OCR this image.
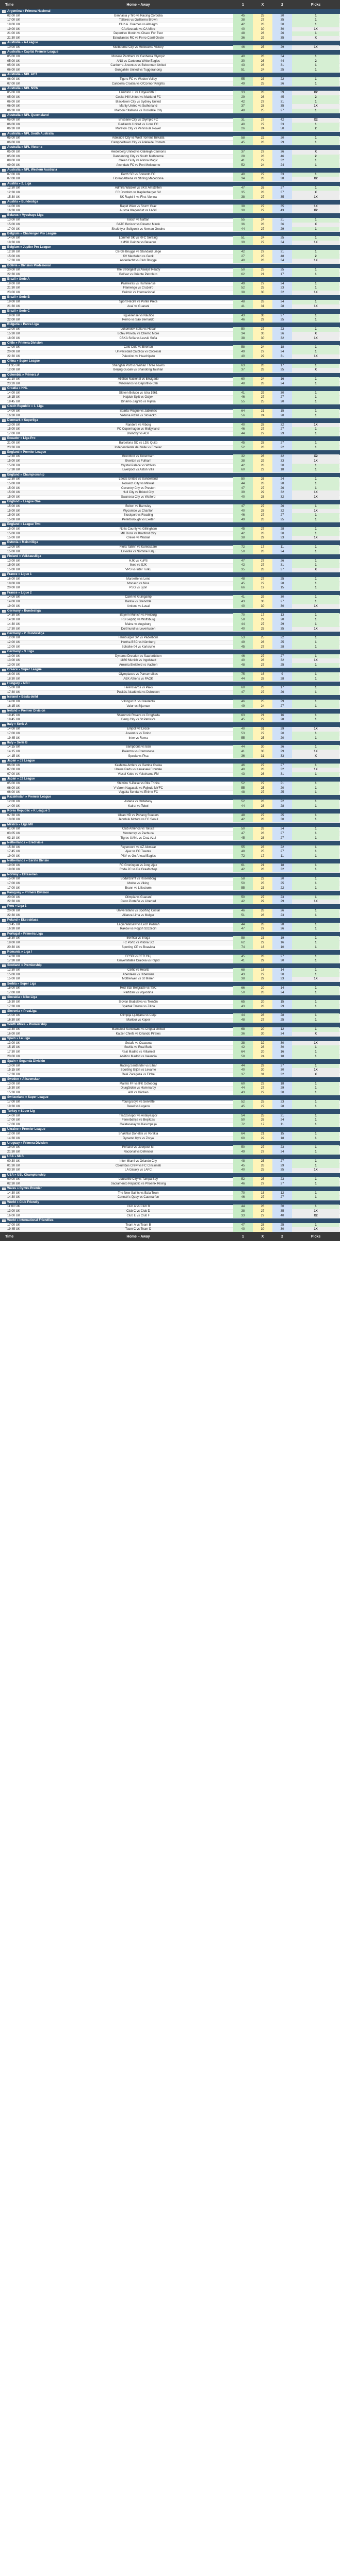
Time	Home – Away	1	X	2	Picks
Argentina » Primera Nacional
02:00 UK	Gimnasia y Tiro vs Racing Córdoba	45	25	30	1
17:00 UK	Talleres vs Guillermo Brown	38	27	35	1
19:00 UK	Club A. Guemes vs Almagro	42	28	30	1
19:00 UK	CA Alvarado vs CA Mitre	40	30	30	1X
21:00 UK	Deportivo Morón vs Chaco For Ever	48	26	26	1
21:30 UK	Estudiantes RC vs Ferro Carril Oeste	36	29	35	X
Australia » A-League
10:00 UK	Melbourne City vs Melbourne Victory	46	25	29	1X
Australia » Capital Premier League
05:00 UK	Monaro Panthers vs Canberra Olympic	40	26	34	1
05:00 UK	ANU vs Canberra White Eagles	30	26	44	2
05:00 UK	Canberra Juventus vs Belconnen United	43	26	31	1
06:00 UK	Gungahlin United vs Tuggeranong	51	24	25	1
Australia » NPL ACT
06:00 UK	Tigers FC vs Woden Valley	55	23	22	1
07:00 UK	Canberra Croatia vs O'Connor Knights	49	25	26	1
Australia » NPL NSW
05:00 UK	Lambton J. vs Edgeworth E.	33	28	39	X2
05:00 UK	Cooks Hill United vs Maitland FC	29	26	45	2
06:00 UK	Blacktown City vs Sydney United	42	27	31	1
06:00 UK	Manly United vs Sutherland	37	28	35	1X
06:30 UK	Marconi Stallions vs Rockdale City	48	25	27	1
Australia » NPL Queensland
05:00 UK	Brisbane City vs Olympic FC	31	27	42	X2
06:00 UK	Redlands United vs Lions FC	40	27	33	1
06:30 UK	Moreton City vs Peninsula Power	26	24	50	2
Australia » NPL South Australia
05:00 UK	Adelaide City vs West Torrens Birkalla	58	22	20	1
06:00 UK	Campbelltown City vs Adelaide Comets	45	26	29	1
Australia » NPL Victoria
05:00 UK	Heidelberg United vs Oakleigh Cannons	37	27	36	X
05:00 UK	Dandenong City vs South Melbourne	28	26	46	2
09:00 UK	Green Gully vs Altona Magic	41	27	32	1
09:00 UK	Avondale FC vs Port Melbourne	52	24	24	1
Australia » NPL Western Australia
07:00 UK	Perth SC vs Sorrento FC	40	27	33	1
07:00 UK	Floreat Athena vs Stirling Macedonia	34	28	38	X2
Austria » 2. Liga
12:30 UK	Admira Wacker vs SKU Amstetten	47	26	27	1
12:30 UK	FC Dornbirn vs Kapfenberger SV	35	28	37	X
15:30 UK	SK Rapid II vs First Vienna	38	27	35	1X
Austria » Bundesliga
14:00 UK	Rapid Wien vs Sturm Graz	38	27	35	1X
16:30 UK	Austria Klagenfurt vs LASK	30	27	43	X2
Belarus » Vysshaya Liga
13:00 UK	Isloch vs Naftan	55	24	21	1
15:00 UK	BATE Borisov vs Dinamo Minsk	36	28	36	X
17:00 UK	Shakhtyor Soligorsk vs Neman Grodno	44	27	29	1
Belgium » Challenger Pro League
14:00 UK	Lommel SK vs RFC Seraing	51	24	25	1
18:30 UK	KMSK Deinze vs Beveren	39	27	34	1X
Belgium » Jupiler Pro League
12:30 UK	Cercle Brugge vs Standard Liège	42	27	31	1
15:00 UK	KV Mechelen vs Genk	27	25	48	2
17:30 UK	Anderlecht vs Club Brugge	40	26	34	1X
Bolivia » Division Profesional
20:00 UK	The Strongest vs Always Ready	50	25	25	1
22:30 UK	Bolívar vs Oriente Petrolero	62	21	17	1
Brazil » Serie A
19:00 UK	Palmeiras vs Fluminense	49	27	24	1
21:30 UK	Flamengo vs Cruzeiro	52	25	23	1
23:00 UK	Grêmio vs Internacional	38	30	32	1X
Brazil » Serie B
19:00 UK	Sport Recife vs Ponte Preta	48	28	24	1
21:30 UK	Avaí vs Guarani	41	31	28	1X
Brazil » Serie C
19:00 UK	Figueirense vs Náutico	43	30	27	1
22:00 UK	Remo vs São Bernardo	46	29	25	1
Bulgaria » Parva Liga
13:00 UK	Lokomotiv Sofia vs Hebar	50	27	23	1
15:30 UK	Botev Plovdiv vs Cherno More	34	30	36	X
18:00 UK	CSKA Sofia vs Levski Sofia	38	30	32	1X
Chile » Primera Division
17:00 UK	Colo Colo vs Everton	58	24	18	1
20:00 UK	Universidad Católica vs Cobresal	49	27	24	1
22:30 UK	Palestino vs Huachipato	40	29	31	1X
China » Super League
11:35 UK	Shanghai Port vs Wuhan Three Towns	63	20	17	1
12:00 UK	Beijing Guoan vs Shandong Taishan	37	28	35	X
Colombia » Primera A
21:10 UK	Atlético Nacional vs Envigado	60	24	16	1
23:20 UK	Millonarios vs Deportivo Cali	48	28	24	1
Croatia » HNL
14:00 UK	Slaven Belupo vs Istra 1961	41	29	30	1
16:15 UK	Hajduk Split vs Osijek	46	27	27	1
18:45 UK	Dinamo Zagreb vs Rijeka	55	25	20	1
Czech Republic » 1. Liga
14:00 UK	Sparta Prague vs Jablonec	64	21	15	1
16:30 UK	Viktoria Plzeň vs Slovácko	56	24	20	1
Denmark » Superliga
13:00 UK	Randers vs Viborg	40	28	32	1X
15:00 UK	FC Copenhagen vs Midtjylland	46	27	27	1
17:00 UK	Brøndby vs AGF	44	27	29	1
Ecuador » Liga Pro
21:00 UK	Barcelona SC vs LDU Quito	45	28	27	1
23:30 UK	Independiente del Valle vs Emelec	52	26	22	1
England » Premier League
12:30 UK	Brentford vs Tottenham	32	26	42	X2
15:00 UK	Everton vs Fulham	38	29	33	1X
15:00 UK	Crystal Palace vs Wolves	42	28	30	1
17:30 UK	Liverpool vs Aston Villa	60	22	18	1
England » Championship
12:30 UK	Leeds United vs Sunderland	50	26	24	1
15:00 UK	Norwich City vs Millwall	44	28	28	1
15:00 UK	Coventry City vs Preston	47	27	26	1
15:00 UK	Hull City vs Bristol City	39	29	32	1X
15:00 UK	Swansea City vs Watford	40	28	32	1X
England » League One
15:00 UK	Bolton vs Barnsley	47	27	26	1
15:00 UK	Wycombe vs Charlton	40	28	32	1X
15:00 UK	Stockport vs Reading	46	27	27	1
15:00 UK	Peterborough vs Exeter	49	26	25	1
England » League Two
15:00 UK	Notts County vs Gillingham	45	27	28	1
15:00 UK	MK Dons vs Bradford City	42	28	30	1
15:00 UK	Crewe vs Walsall	38	29	33	1X
Estonia » Meistriliiga
13:00 UK	Flora Tallinn vs Kuressaare	72	17	11	1
15:00 UK	Levadia vs Nõmme Kalju	50	26	24	1
Finland » Veikkausliiga
13:00 UK	HJK vs KuPS	47	27	26	1
15:00 UK	Ilves vs SJK	42	27	31	1
15:00 UK	VPS vs Inter Turku	35	28	37	X
France » Ligue 1
16:00 UK	Marseille vs Lens	48	27	25	1
18:00 UK	Monaco vs Nice	45	27	28	1
20:00 UK	PSG vs Lyon	66	19	15	1
France » Ligue 2
14:00 UK	Caen vs Guingamp	41	29	30	1
14:00 UK	Bastia vs Grenoble	43	30	27	1
19:00 UK	Amiens vs Laval	40	30	30	1X
Germany » Bundesliga
14:30 UK	Bayern Munich vs Freiburg	70	17	13	1
14:30 UK	RB Leipzig vs Wolfsburg	58	22	20	1
14:30 UK	Mainz vs Augsburg	44	27	29	1
17:30 UK	Dortmund vs Leverkusen	40	25	35	1X
Germany » 2. Bundesliga
12:00 UK	Hamburger SV vs Paderborn	53	25	22	1
12:00 UK	Hertha BSC vs Nürnberg	49	26	25	1
12:00 UK	Schalke 04 vs Karlsruhe	45	27	28	1
Germany » 3. Liga
13:00 UK	Dynamo Dresden vs Saarbrücken	46	27	27	1
13:00 UK	1860 Munich vs Ingolstadt	40	28	32	1X
13:00 UK	Arminia Bielefeld vs Aachen	48	27	25	1
Greece » Super League
16:00 UK	Olympiacos vs Panserraikos	75	16	9	1
18:30 UK	AEK Athens vs PAOK	44	28	28	1
Hungary » NB I
15:00 UK	Ferencváros vs Paks	60	23	17	1
17:30 UK	Puskás Akadémia vs Debrecen	47	27	26	1
Iceland » Besta deild
14:00 UK	Víkingur R. vs Breiðablik	46	25	29	1
16:15 UK	Valur vs Stjarnan	49	24	27	1
Ireland » Premier Division
19:45 UK	Shamrock Rovers vs Drogheda	63	21	16	1
19:45 UK	Derry City vs St Patrick's	45	27	28	1
Italy » Serie A
14:00 UK	Empoli vs Lecce	40	31	29	1X
17:00 UK	Juventus vs Torino	53	27	20	1
19:45 UK	Inter vs Roma	55	25	20	1
Italy » Serie B
14:15 UK	Sampdoria vs Bari	44	30	26	1
14:15 UK	Palermo vs Cremonese	41	30	29	1X
14:15 UK	Spezia vs Pisa	36	31	33	X
Japan » J1 League
06:00 UK	Kashima Antlers vs Gamba Osaka	46	27	27	1
07:00 UK	Urawa Reds vs Kawasaki Frontale	40	28	32	1X
07:00 UK	Vissel Kobe vs Yokohama FM	43	26	31	1
Japan » J2 League
05:00 UK	Shimizu S-Pulse vs Oita Trinita	52	27	21	1
06:00 UK	V-Varen Nagasaki vs Fujieda MYFC	55	25	20	1
06:00 UK	Vegalta Sendai vs Ehime FC	48	27	25	1
Kazakhstan » Premier League
12:00 UK	Astana vs Ordabasy	52	26	22	1
14:00 UK	Kairat vs Tobol	44	28	28	1
Korea Republic » K League 1
07:30 UK	Ulsan HD vs Pohang Steelers	48	27	25	1
10:00 UK	Jeonbuk Motors vs FC Seoul	42	28	30	1
Mexico » Liga MX
01:00 UK	Club América vs Toluca	50	26	24	1
03:05 UK	Monterrey vs Pachuca	47	26	27	1
03:10 UK	Tigres UANL vs Cruz Azul	45	28	27	1
Netherlands » Eredivisie
15:30 UK	Feyenoord vs AZ Alkmaar	55	23	22	1
17:45 UK	Ajax vs FC Twente	48	25	27	1
19:00 UK	PSV vs Go Ahead Eagles	72	17	11	1
Netherlands » Eerste Divisie
19:00 UK	FC Groningen vs Jong Ajax	61	21	18	1
19:00 UK	Roda JC vs De Graafschap	42	26	32	1
Norway » Eliteserien
15:00 UK	Bodø/Glimt vs Rosenborg	58	22	20	1
17:00 UK	Molde vs Viking	50	25	25	1
17:00 UK	Brann vs Lillestrøm	55	23	22	1
Paraguay » Primera Division
20:00 UK	Olimpia vs Guaraní	50	27	23	1
22:30 UK	Cerro Porteño vs Libertad	42	29	29	1X
Peru » Liga 1
20:00 UK	Universitario vs Sporting Cristal	46	28	26	1
22:30 UK	Alianza Lima vs Melgar	51	26	23	1
Poland » Ekstraklasa
13:45 UK	Legia Warsaw vs Lech Poznań	44	28	28	1
16:30 UK	Raków vs Pogoń Szczecin	47	27	26	1
Portugal » Primeira Liga
15:30 UK	Benfica vs Braga	58	23	19	1
18:00 UK	FC Porto vs Vitória SC	62	22	16	1
20:30 UK	Sporting CP vs Boavista	74	16	10	1
Romania » Liga I
14:30 UK	FCSB vs CFR Cluj	45	28	27	1
17:30 UK	Universitatea Craiova vs Rapid	41	29	30	1
Scotland » Premiership
12:30 UK	Celtic vs Hearts	68	18	14	1
15:00 UK	Aberdeen vs Hibernian	43	27	30	1
15:00 UK	Motherwell vs St Mirren	38	29	33	1X
Serbia » Super Liga
15:00 UK	Red Star Belgrade vs TSC	66	20	14	1
17:00 UK	Partizan vs Vojvodina	50	26	24	1
Slovakia » Nike Liga
15:30 UK	Slovan Bratislava vs Trenčín	65	20	15	1
17:30 UK	Spartak Trnava vs Žilina	43	28	29	1
Slovenia » PrvaLiga
14:00 UK	Olimpija Ljubljana vs Celje	44	28	28	1
16:30 UK	Maribor vs Koper	48	27	25	1
South Africa » Premiership
13:30 UK	Mamelodi Sundowns vs Chippa United	68	20	12	1
16:00 UK	Kaizer Chiefs vs Orlando Pirates	36	30	34	X
Spain » La Liga
13:00 UK	Getafe vs Osasuna	38	32	30	1X
15:15 UK	Sevilla vs Real Betis	42	28	30	1
17:30 UK	Real Madrid vs Villarreal	64	20	16	1
20:00 UK	Atlético Madrid vs Valencia	58	24	18	1
Spain » Segunda División
13:00 UK	Racing Santander vs Eibar	44	29	27	1
15:15 UK	Sporting Gijón vs Levante	40	30	30	1X
17:30 UK	Real Zaragoza vs Elche	37	31	32	X
Sweden » Allsvenskan
13:00 UK	Malmö FF vs IFK Göteborg	60	22	18	1
15:30 UK	Djurgården vs Hammarby	44	27	29	1
15:30 UK	AIK vs Häcken	43	27	30	1
Switzerland » Super League
17:00 UK	Young Boys vs Servette	52	25	23	1
19:30 UK	Basel vs Lugano	45	27	28	1
Turkey » Süper Lig
14:00 UK	Trabzonspor vs Antalyaspor	54	25	21	1
17:00 UK	Fenerbahçe vs Beşiktaş	50	26	24	1
17:00 UK	Galatasaray vs Kasımpaşa	72	17	11	1
Ukraine » Premier League
12:00 UK	Shakhtar Donetsk vs Vorskla	64	21	15	1
14:30 UK	Dynamo Kyiv vs Zorya	60	22	18	1
Uruguay » Primera Division
19:00 UK	Peñarol vs Liverpool M.	50	27	23	1
21:30 UK	Nacional vs Defensor	49	27	24	1
USA » MLS
00:30 UK	Inter Miami vs Orlando City	48	25	27	1
01:30 UK	Columbus Crew vs FC Cincinnati	45	26	29	1
03:30 UK	LA Galaxy vs LAFC	40	25	35	1X
USA » USL Championship
00:00 UK	Louisville City vs Tampa Bay	52	25	23	1
02:30 UK	Sacramento Republic vs Phoenix Rising	46	27	27	1
Wales » Cymru Premier
14:30 UK	The New Saints vs Bala Town	70	18	12	1
14:30 UK	Connah's Quay vs Caernarfon	46	27	27	1
World » Club Friendly
11:00 UK	Club A vs Club B	44	26	30	1
13:00 UK	Club C vs Club D	38	27	35	1X
16:00 UK	Club E vs Club F	33	27	40	X2
World » International Friendlies
17:00 UK	Team A vs Team B	47	28	25	1
19:45 UK	Team C vs Team D	40	30	30	1X
Time	Home – Away	1	X	2	Picks
